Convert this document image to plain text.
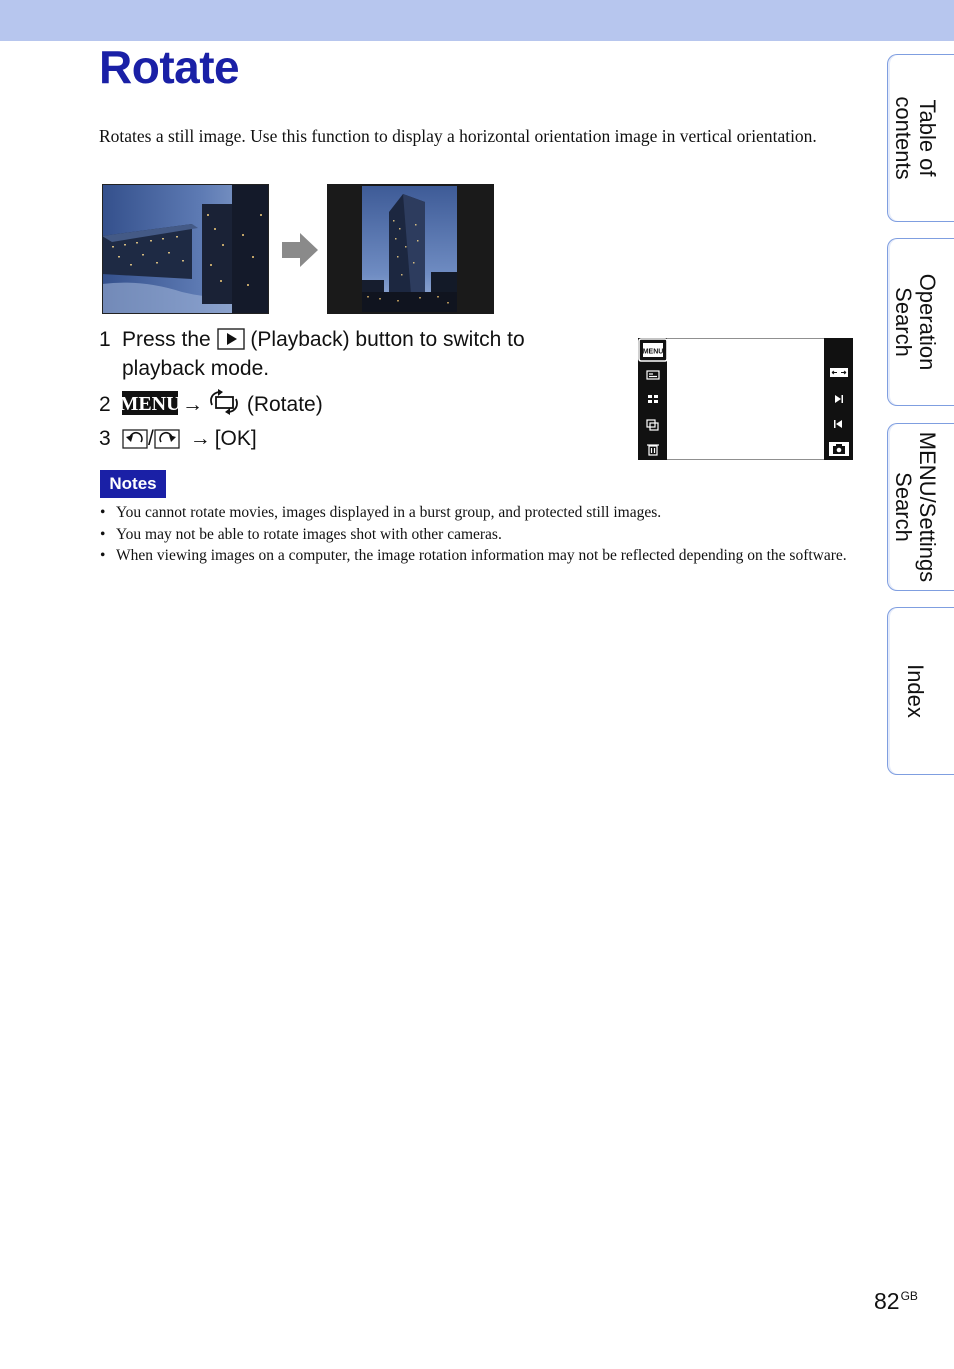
Rotate

Rotates a still image. Use this function to display a horizontal orientation image in vertical orientation.

1 Press the (Playback) button to switch to
playback mode.
2 MENU → (Rotate)
3 / → [OK]
MENU
Notes
• You cannot rotate movies, images displayed in a burst group, and protected still images.
• You may not be able to rotate images shot with other cameras.
• When viewing images on a computer, the image rotation information may not be reflected depending on the software.
Table of
contents
Operation
Search
MENU/Settings
Search
Index
$82^{GB}$
